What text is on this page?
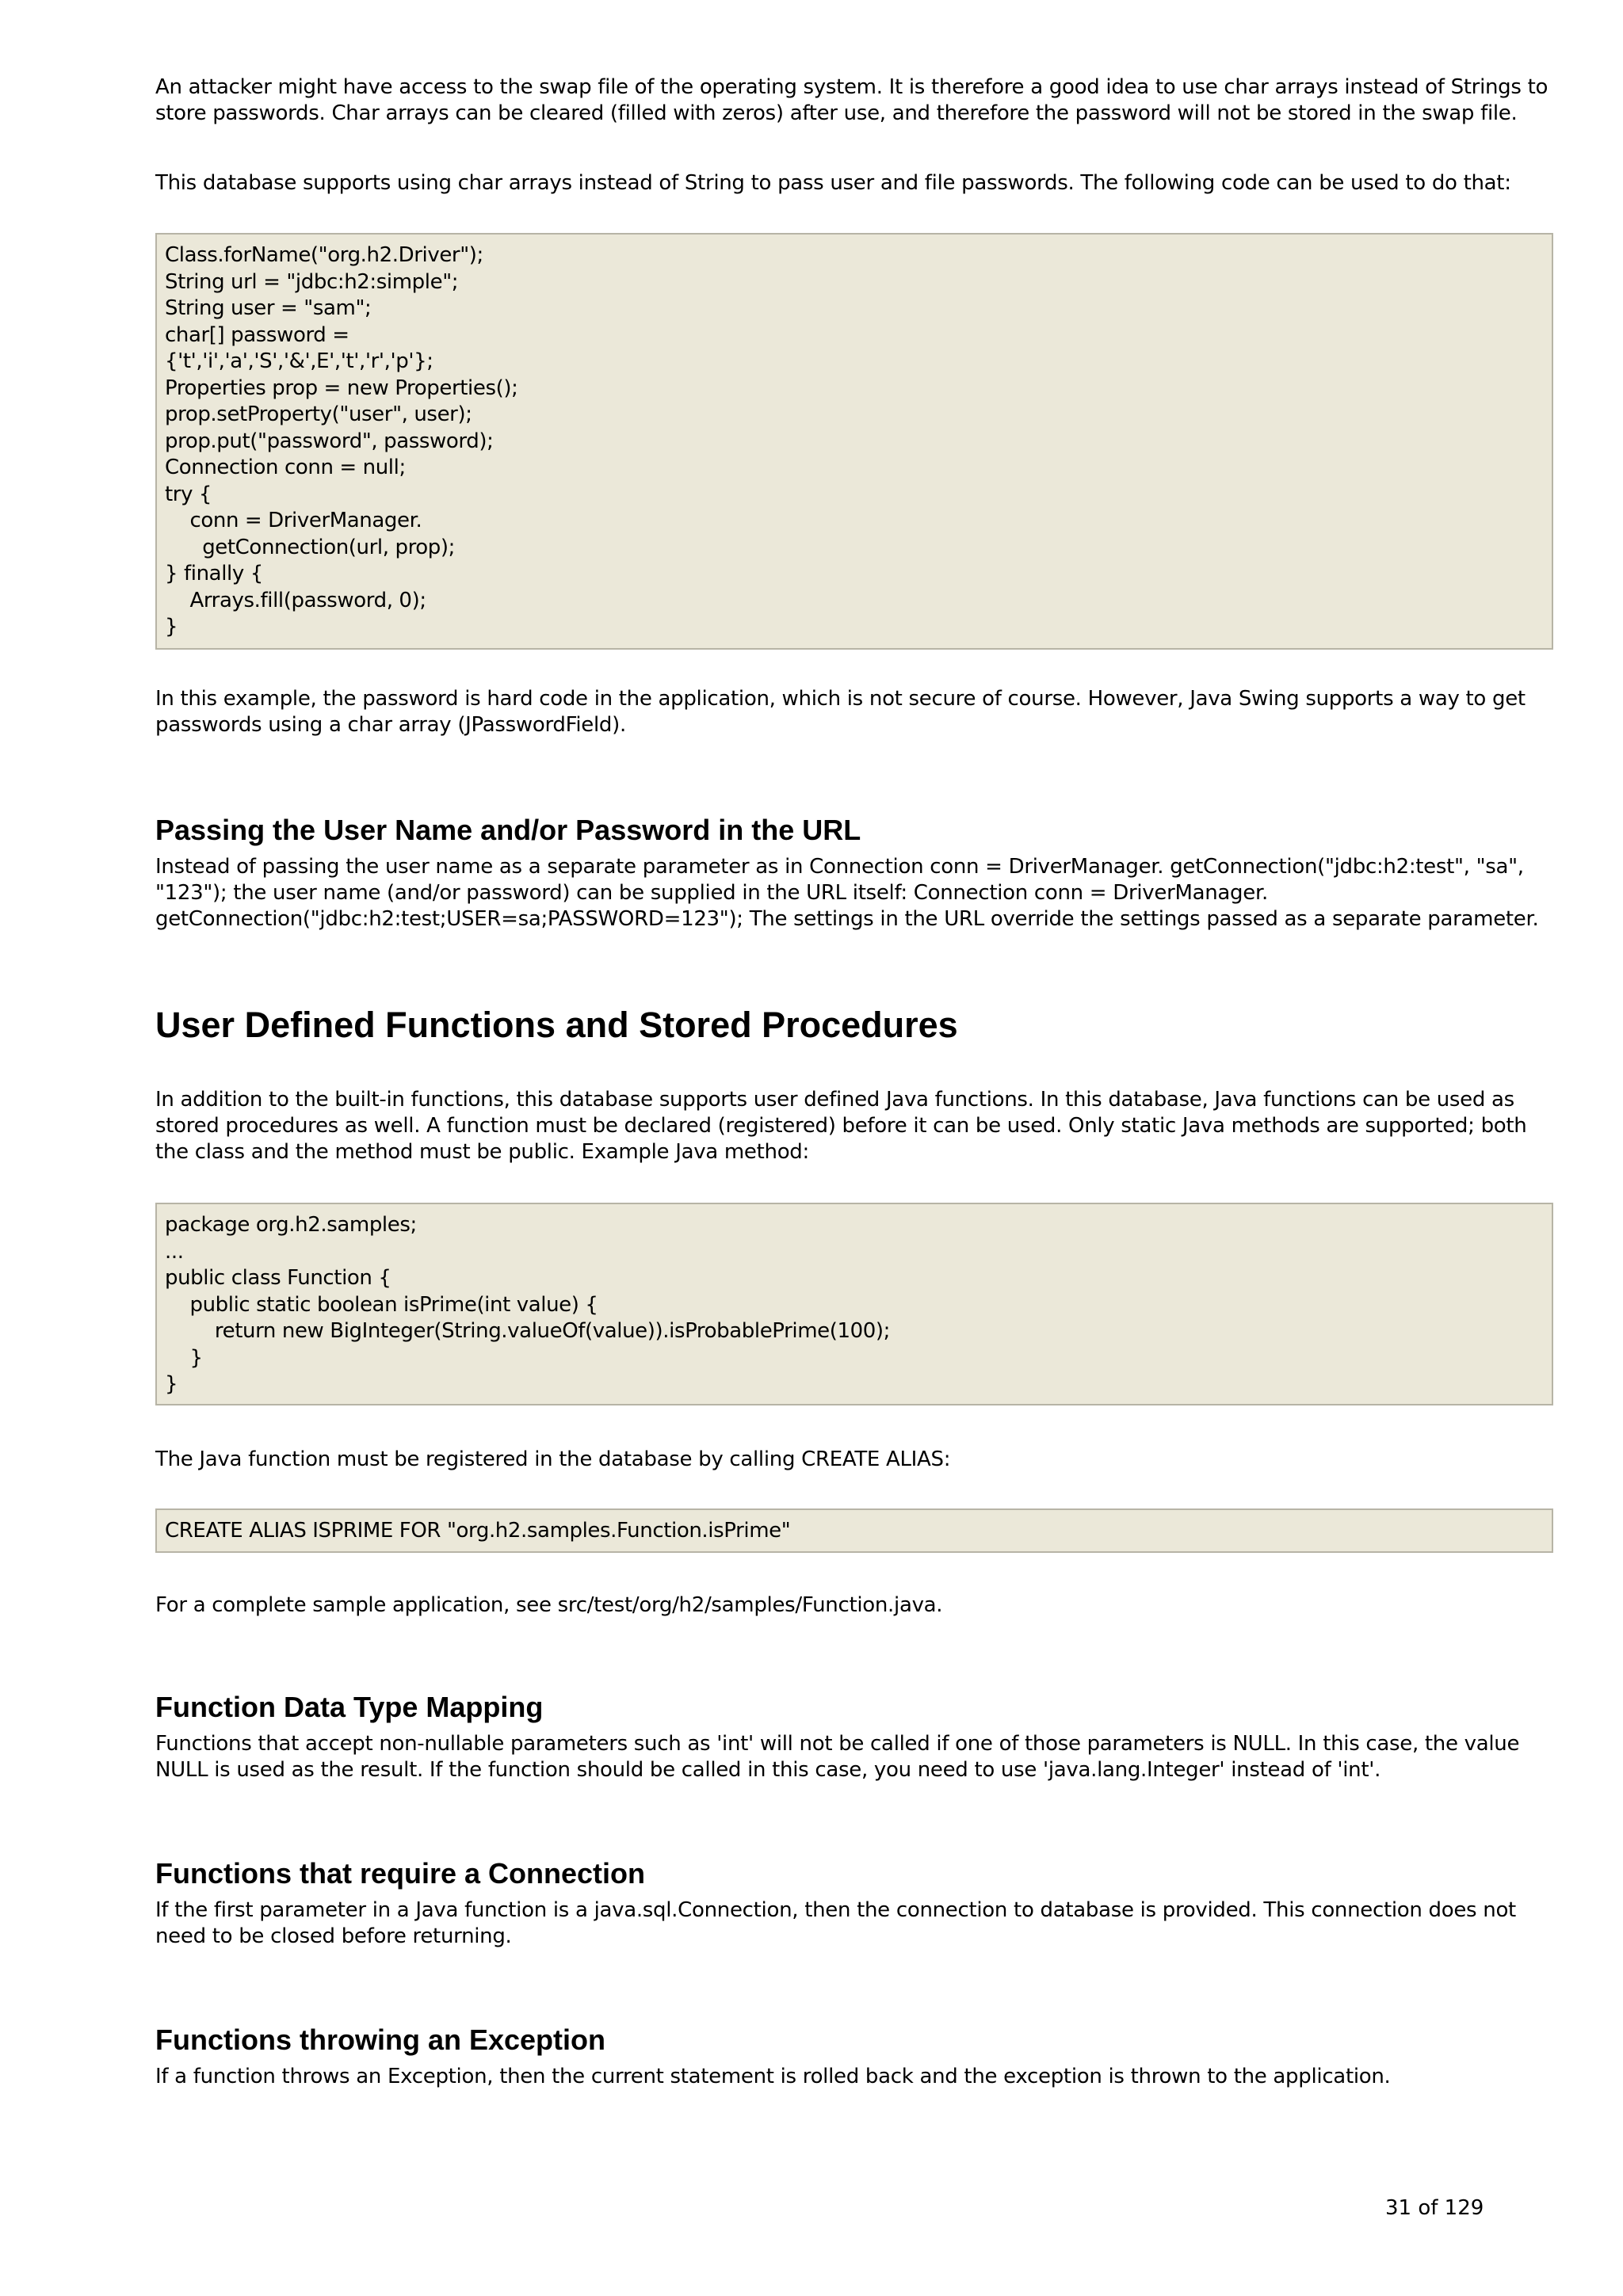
An attacker might have access to the swap file of the operating system. It is therefore a good idea to use char arrays instead of Strings to store passwords. Char arrays can be cleared (filled with zeros) after use, and therefore the password will not be stored in the swap file.

This database supports using char arrays instead of String to pass user and file passwords. The following code can be used to do that:

Class.forName("org.h2.Driver");
String url = "jdbc:h2:simple";
String user = "sam";
char[] password =
{'t','i','a','S','&',E','t','r','p'};
Properties prop = new Properties();
prop.setProperty("user", user);
prop.put("password", password);
Connection conn = null;
try {
conn = DriverManager.
getConnection(url, prop);
} finally {
Arrays.fill(password, 0);
}

In this example, the password is hard code in the application, which is not secure of course. However, Java Swing supports a way to get passwords using a char array (JPasswordField).

Passing the User Name and/or Password in the URL

Instead of passing the user name as a separate parameter as in Connection conn = DriverManager. getConnection("jdbc:h2:test", "sa", "123"); the user name (and/or password) can be supplied in the URL itself: Connection conn = DriverManager. getConnection("jdbc:h2:test;USER=sa;PASSWORD=123"); The settings in the URL override the settings passed as a separate parameter.

User Defined Functions and Stored Procedures

In addition to the built-in functions, this database supports user defined Java functions. In this database, Java functions can be used as stored procedures as well. A function must be declared (registered) before it can be used. Only static Java methods are supported; both the class and the method must be public. Example Java method:

package org.h2.samples;
...
public class Function {
public static boolean isPrime(int value) {
return new BigInteger(String.valueOf(value)).isProbablePrime(100);
}
}

The Java function must be registered in the database by calling CREATE ALIAS:

CREATE ALIAS ISPRIME FOR "org.h2.samples.Function.isPrime"

For a complete sample application, see src/test/org/h2/samples/Function.java.

Function Data Type Mapping

Functions that accept non-nullable parameters such as 'int' will not be called if one of those parameters is NULL. In this case, the value NULL is used as the result. If the function should be called in this case, you need to use 'java.lang.Integer' instead of 'int'.

Functions that require a Connection

If the first parameter in a Java function is a java.sql.Connection, then the connection to database is provided. This connection does not need to be closed before returning.

Functions throwing an Exception

If a function throws an Exception, then the current statement is rolled back and the exception is thrown to the application.

31 of 129
